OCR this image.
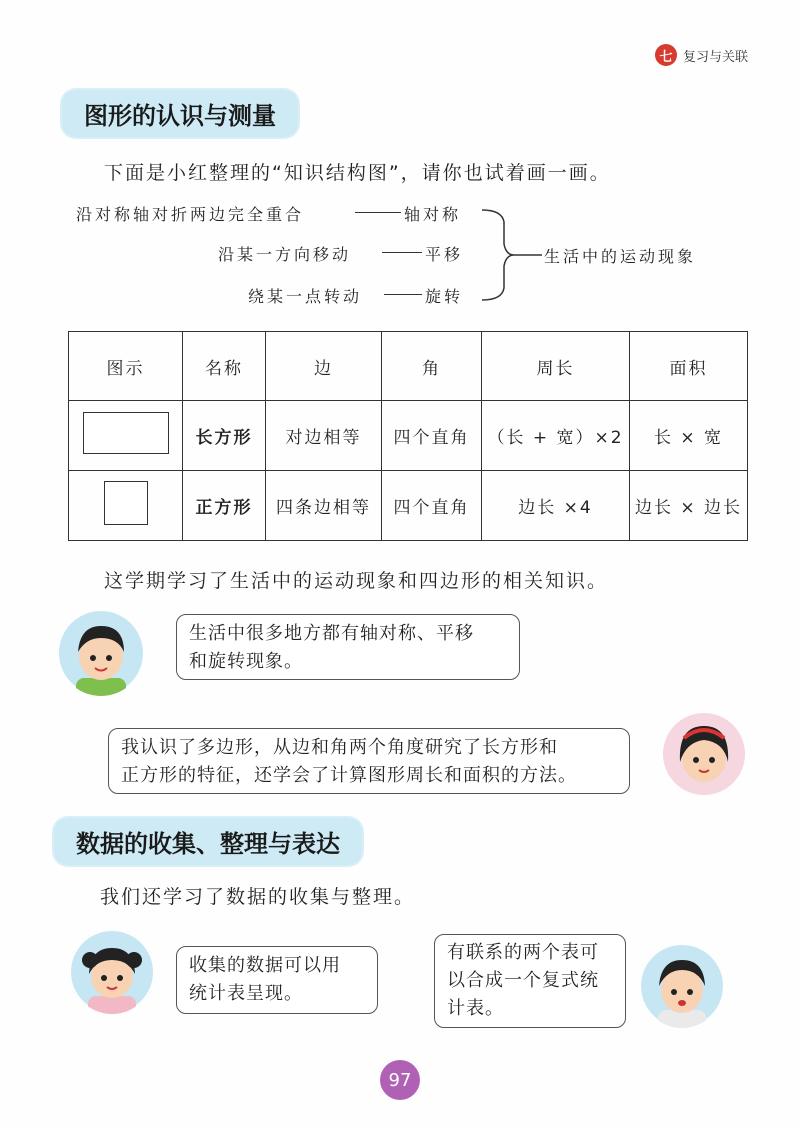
七 复习与关联
图形的认识与测量
下面是小红整理的“知识结构图”，请你也试着画一画。
沿对称轴对折两边完全重合	轴对称
沿某一方向移动	平移
绕某一点转动	旋转
生活中的运动现象
图示	名称	边	角	周长	面积
	长方形	对边相等	四个直角	（长 + 宽）×2	长 × 宽
	正方形	四条边相等	四个直角	边长 ×4	边长 × 边长
这学期学习了生活中的运动现象和四边形的相关知识。
生活中很多地方都有轴对称、平移
和旋转现象。
我认识了多边形，从边和角两个角度研究了长方形和
正方形的特征，还学会了计算图形周长和面积的方法。
数据的收集、整理与表达
我们还学习了数据的收集与整理。
收集的数据可以用
统计表呈现。
有联系的两个表可
以合成一个复式统
计表。
97
